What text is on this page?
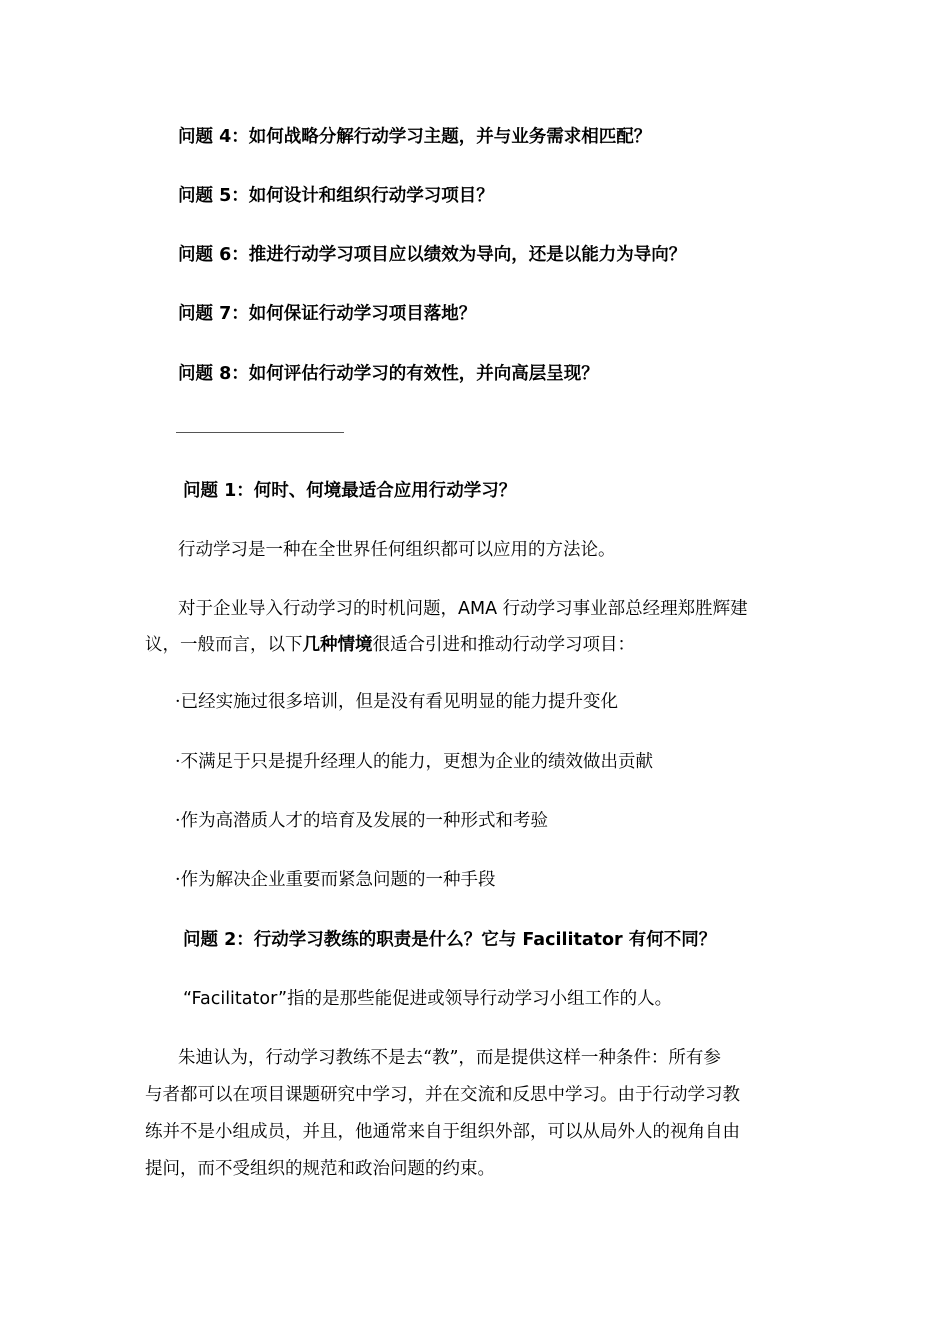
问题 4：如何战略分解行动学习主题，并与业务需求相匹配？
问题 5：如何设计和组织行动学习项目？
问题 6：推进行动学习项目应以绩效为导向，还是以能力为导向？
问题 7：如何保证行动学习项目落地？
问题 8：如何评估行动学习的有效性，并向高层呈现？
问题 1：何时、何境最适合应用行动学习？
行动学习是一种在全世界任何组织都可以应用的方法论。
对于企业导入行动学习的时机问题，AMA 行动学习事业部总经理郑胜辉建
议，一般而言，以下几种情境很适合引进和推动行动学习项目：
·已经实施过很多培训，但是没有看见明显的能力提升变化
·不满足于只是提升经理人的能力，更想为企业的绩效做出贡献
·作为高潜质人才的培育及发展的一种形式和考验
·作为解决企业重要而紧急问题的一种手段
问题 2：行动学习教练的职责是什么？它与 Facilitator 有何不同？
“Facilitator”指的是那些能促进或领导行动学习小组工作的人。
朱迪认为，行动学习教练不是去“教”，而是提供这样一种条件：所有参
与者都可以在项目课题研究中学习，并在交流和反思中学习。由于行动学习教
练并不是小组成员，并且，他通常来自于组织外部，可以从局外人的视角自由
提问，而不受组织的规范和政治问题的约束。
